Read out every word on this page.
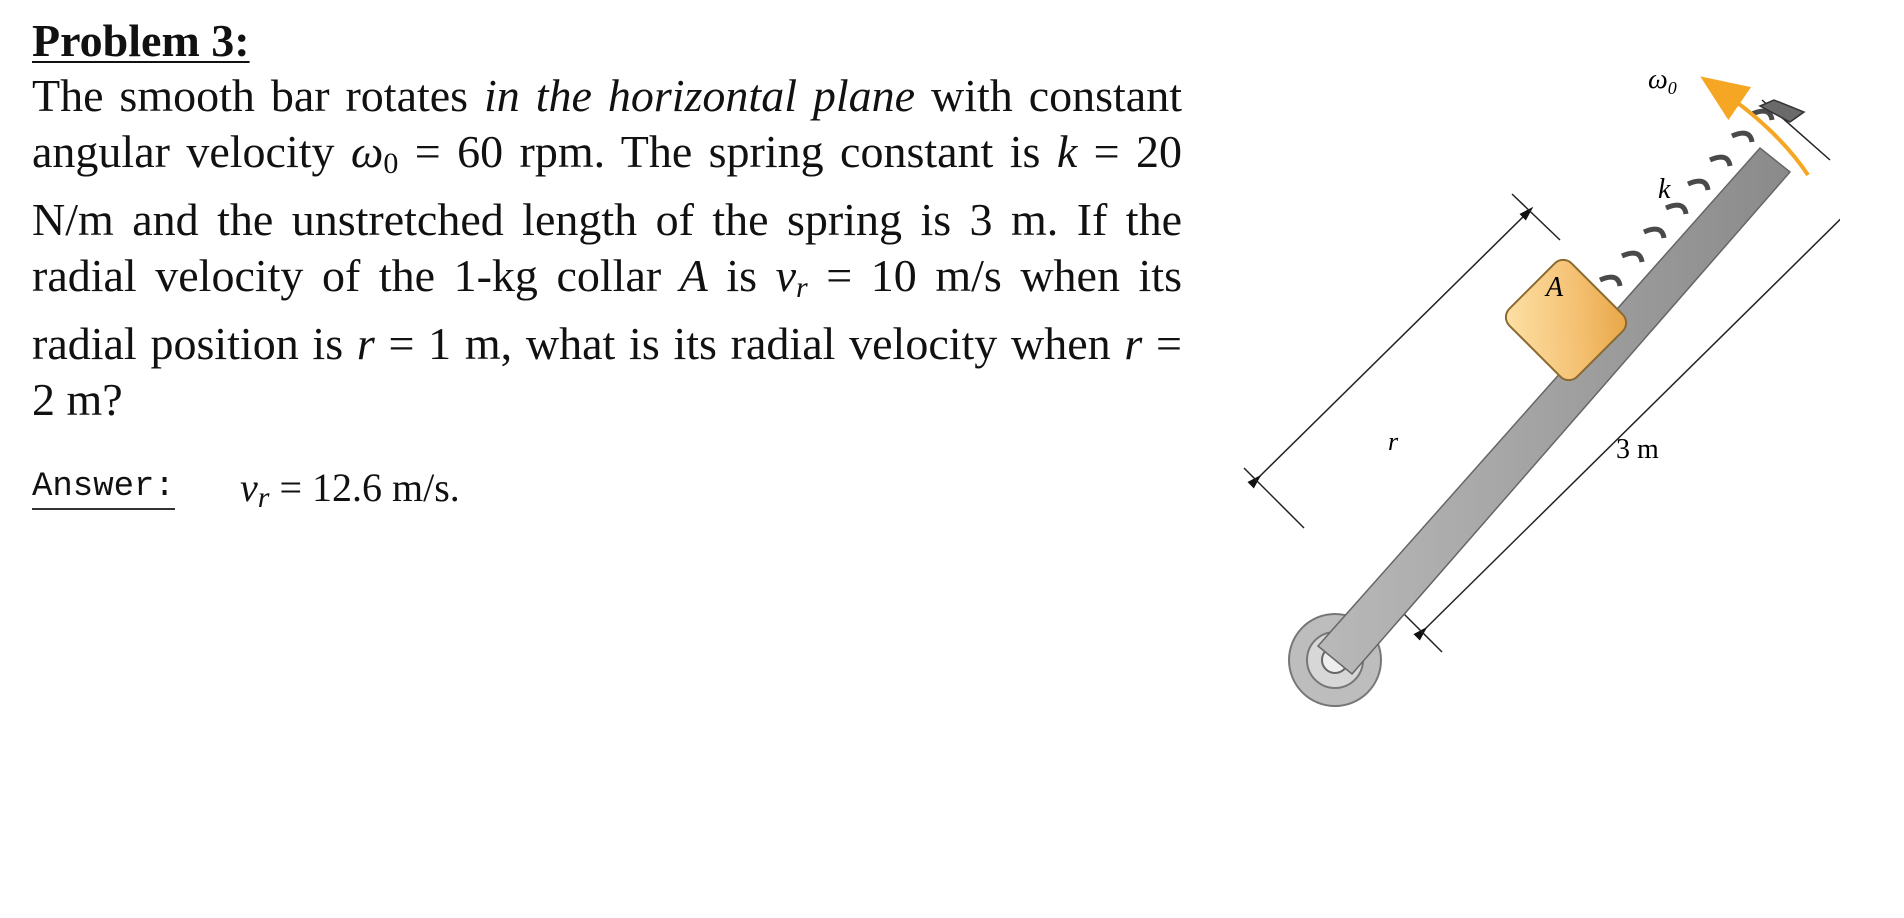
Problem 3:
The smooth bar rotates in the horizontal plane with constant angular velocity ω0 = 60 rpm. The spring constant is k = 20 N/m and the unstretched length of the spring is 3 m. If the radial velocity of the 1-kg collar A is $v_r = 10$ m/s when its radial position is r = 1 m, what is its radial velocity when r = 2 m?
Answer: $v_r = 12.6$ m/s.
$\omega_0$
k
A
r	3 m
